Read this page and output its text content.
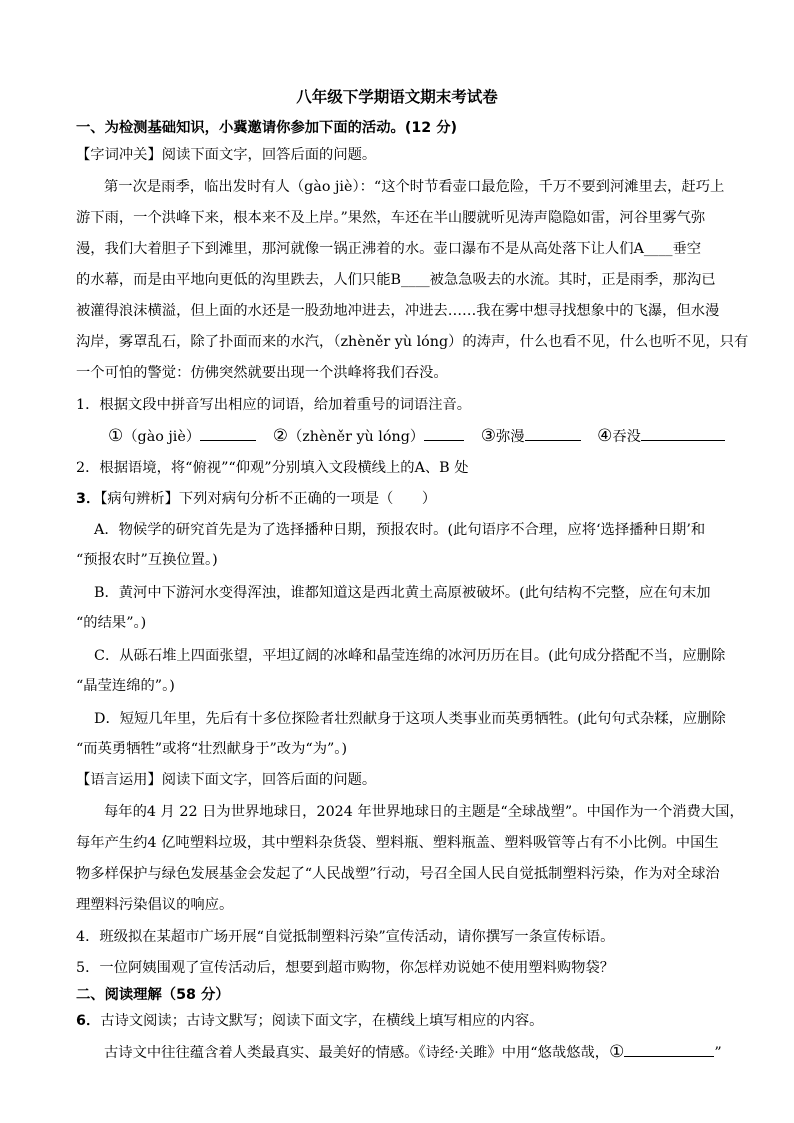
八年级下学期语文期末考试卷
一、为检测基础知识，小冀邀请你参加下面的活动。(12 分)
【字词冲关】阅读下面文字，回答后面的问题。
第一次是雨季，临出发时有人（gào jiè）：“这个时节看壶口最危险，千万不要到河滩里去，赶巧上
游下雨，一个洪峰下来，根本来不及上岸。”果然，车还在半山腰就听见涛声隐隐如雷，河谷里雾气弥
漫，我们大着胆子下到滩里，那河就像一锅正沸着的水。壶口瀑布不是从高处落下让人们A____垂空
的水幕，而是由平地向更低的沟里跌去，人们只能B____被急急吸去的水流。其时，正是雨季，那沟已
被灌得浪沫横溢，但上面的水还是一股劲地冲进去，冲进去……我在雾中想寻找想象中的飞瀑，但水漫
沟岸，雾罩乱石，除了扑面而来的水汽，（zhèněr yù lóng）的涛声，什么也看不见，什么也听不见，只有
一个可怕的警觉：仿佛突然就要出现一个洪峰将我们吞没。
1．根据文段中拼音写出相应的词语，给加着重号的词语注音。
①（gào jiè）	②（zhèněr yù lóng）	③弥漫	④吞没
2．根据语境，将“俯视”“仰观”分别填入文段横线上的A、B 处
3．【病句辨析】下列对病句分析不正确的一项是（　　）
A．物候学的研究首先是为了选择播种日期，预报农时。(此句语序不合理，应将‘选择播种日期’和
“预报农时”互换位置。)
B．黄河中下游河水变得浑浊，谁都知道这是西北黄土高原被破坏。(此句结构不完整，应在句末加
“的结果”。)
C．从砾石堆上四面张望，平坦辽阔的冰峰和晶莹连绵的冰河历历在目。(此句成分搭配不当，应删除
“晶莹连绵的”。)
D．短短几年里，先后有十多位探险者壮烈献身于这项人类事业而英勇牺牲。(此句句式杂糅，应删除
“而英勇牺牲”或将“壮烈献身于”改为“为”。)
【语言运用】阅读下面文字，回答后面的问题。
每年的4 月 22 日为世界地球日，2024 年世界地球日的主题是“全球战塑”。中国作为一个消费大国，
每年产生约4 亿吨塑料垃圾，其中塑料杂货袋、塑料瓶、塑料瓶盖、塑料吸管等占有不小比例。中国生
物多样保护与绿色发展基金会发起了“人民战塑”行动，号召全国人民自觉抵制塑料污染，作为对全球治
理塑料污染倡议的响应。
4．班级拟在某超市广场开展“自觉抵制塑料污染”宣传活动，请你撰写一条宣传标语。
5．一位阿姨围观了宣传活动后，想要到超市购物，你怎样劝说她不使用塑料购物袋？
二、阅读理解（58 分）
6．古诗文阅读；古诗文默写；阅读下面文字，在横线上填写相应的内容。
古诗文中往往蕴含着人类最真实、最美好的情感。《诗经·关雎》中用“悠哉悠哉，①	”
